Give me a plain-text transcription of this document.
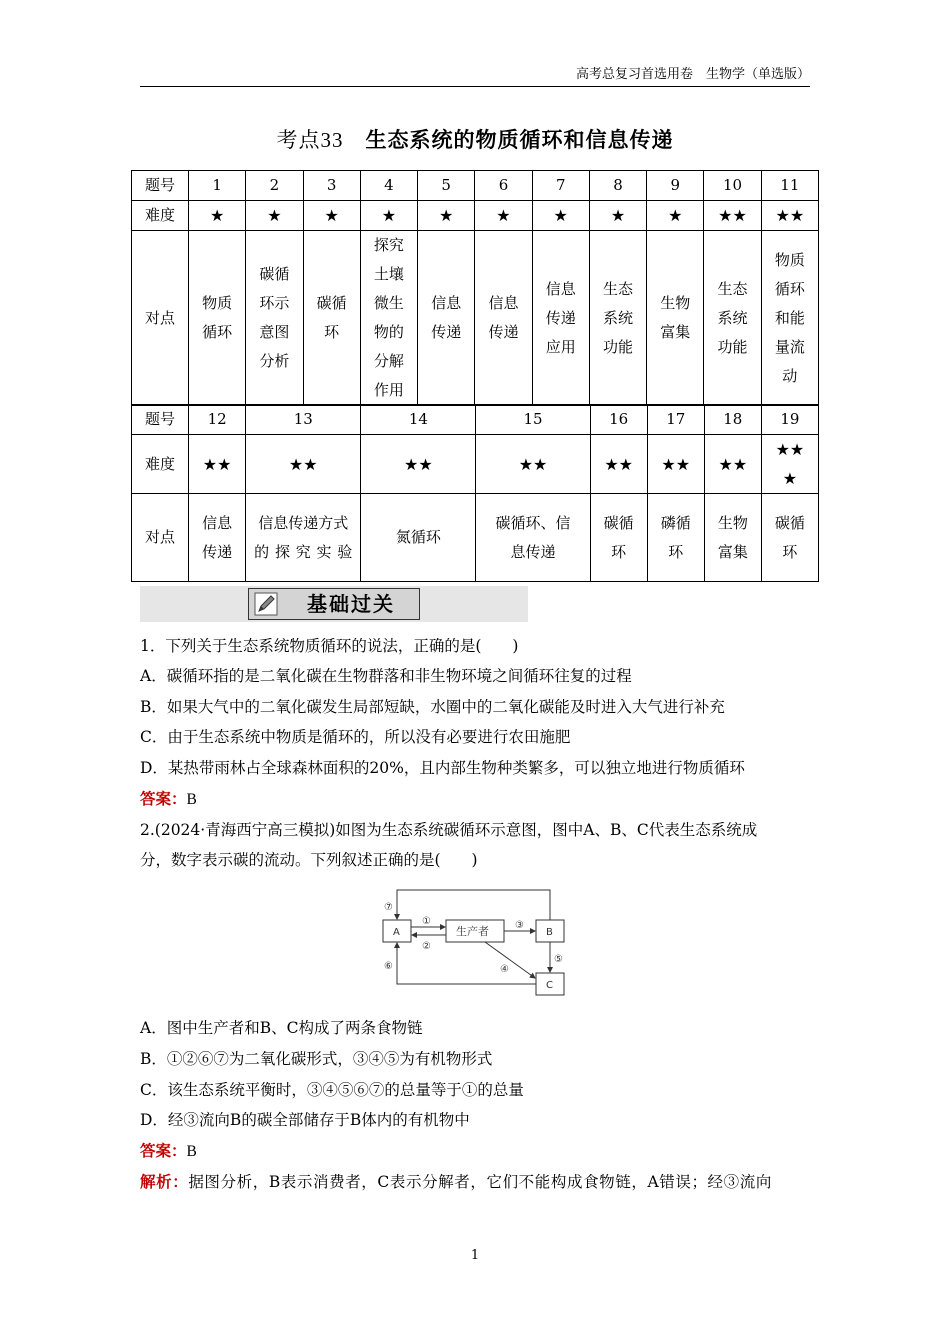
高考总复习首选用卷　生物学（单选版）
考点33 生态系统的物质循环和信息传递
题号	1	2	3	4	5	6	7	8	9	10	11
难度	★	★	★	★	★	★	★	★	★	★★	★★
对点	物质循环	碳循环示意图分析	碳循环	探究土壤微生物的分解作用	信息传递	信息传递	信息传递应用	生态系统功能	生物富集	生态系统功能	物质循环和能量流动
题号	12	13	14	15	16	17	18	19
难度	★★	★★	★★	★★	★★	★★	★★	★★★
对点	信息传递	信息传递方式的探究实验	氮循环	碳循环、信息传递	碳循环	磷循环	生物富集	碳循环
基础过关
1．下列关于生态系统物质循环的说法，正确的是(　　)
A．碳循环指的是二氧化碳在生物群落和非生物环境之间循环往复的过程
B．如果大气中的二氧化碳发生局部短缺，水圈中的二氧化碳能及时进入大气进行补充
C．由于生态系统中物质是循环的，所以没有必要进行农田施肥
D．某热带雨林占全球森林面积的20%，且内部生物种类繁多，可以独立地进行物质循环
答案：B
2.(2024·青海西宁高三模拟)如图为生态系统碳循环示意图，图中A、B、C代表生态系统成
分，数字表示碳的流动。下列叙述正确的是(　　)
A	生产者	B
C
①
②
③
④
⑤
⑥
⑦
A．图中生产者和B、C构成了两条食物链
B．①②⑥⑦为二氧化碳形式，③④⑤为有机物形式
C．该生态系统平衡时，③④⑤⑥⑦的总量等于①的总量
D．经③流向B的碳全部储存于B体内的有机物中
答案：B
解析：据图分析，B表示消费者，C表示分解者，它们不能构成食物链，A错误；经③流向
1
